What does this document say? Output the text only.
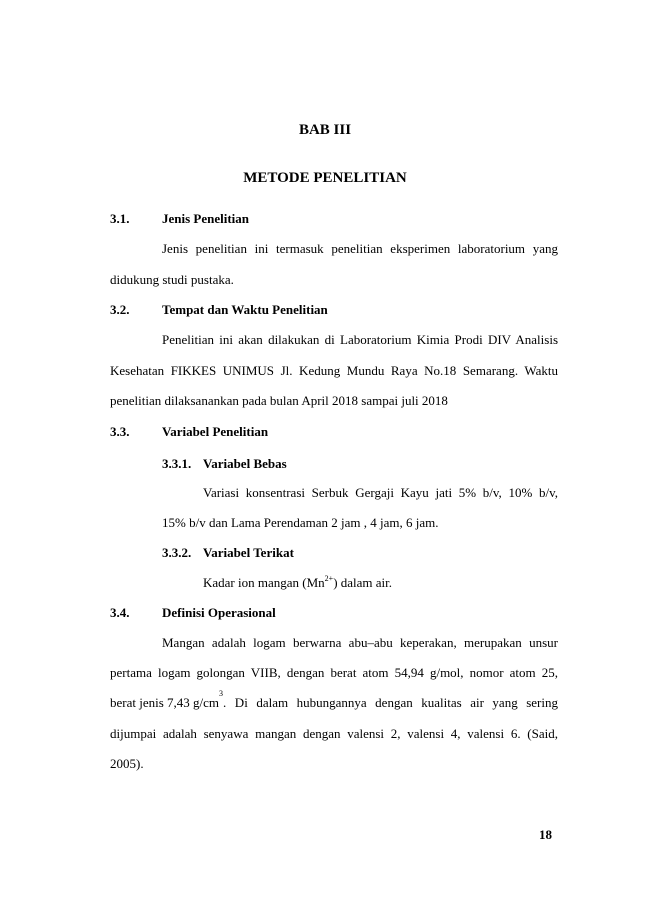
BAB III
METODE PENELITIAN
3.1.	Jenis Penelitian
Jenis penelitian ini termasuk penelitian eksperimen laboratorium yang
didukung studi pustaka.
3.2.	Tempat dan Waktu Penelitian
Penelitian ini akan dilakukan di Laboratorium Kimia Prodi DIV Analisis
Kesehatan FIKKES UNIMUS Jl. Kedung Mundu Raya No.18 Semarang. Waktu
penelitian dilaksanankan pada bulan April 2018 sampai juli 2018
3.3.	Variabel Penelitian
3.3.1. Variabel Bebas
Variasi konsentrasi Serbuk Gergaji Kayu jati 5% b/v, 10% b/v,
15% b/v dan Lama Perendaman 2 jam , 4 jam, 6 jam.
3.3.2. Variabel Terikat
Kadar ion mangan $(Mn^{2+})$ dalam air.
3.4.	Definisi Operasional
Mangan adalah logam berwarna abu–abu keperakan, merupakan unsur
pertama logam golongan VIIB, dengan berat atom 54,94 g/mol, nomor atom 25,
berat jenis 7,43 g/cm
$^3$
. Di dalam hubungannya dengan kualitas air yang sering
dijumpai adalah senyawa mangan dengan valensi 2, valensi 4, valensi 6. (Said,
2005).
18
